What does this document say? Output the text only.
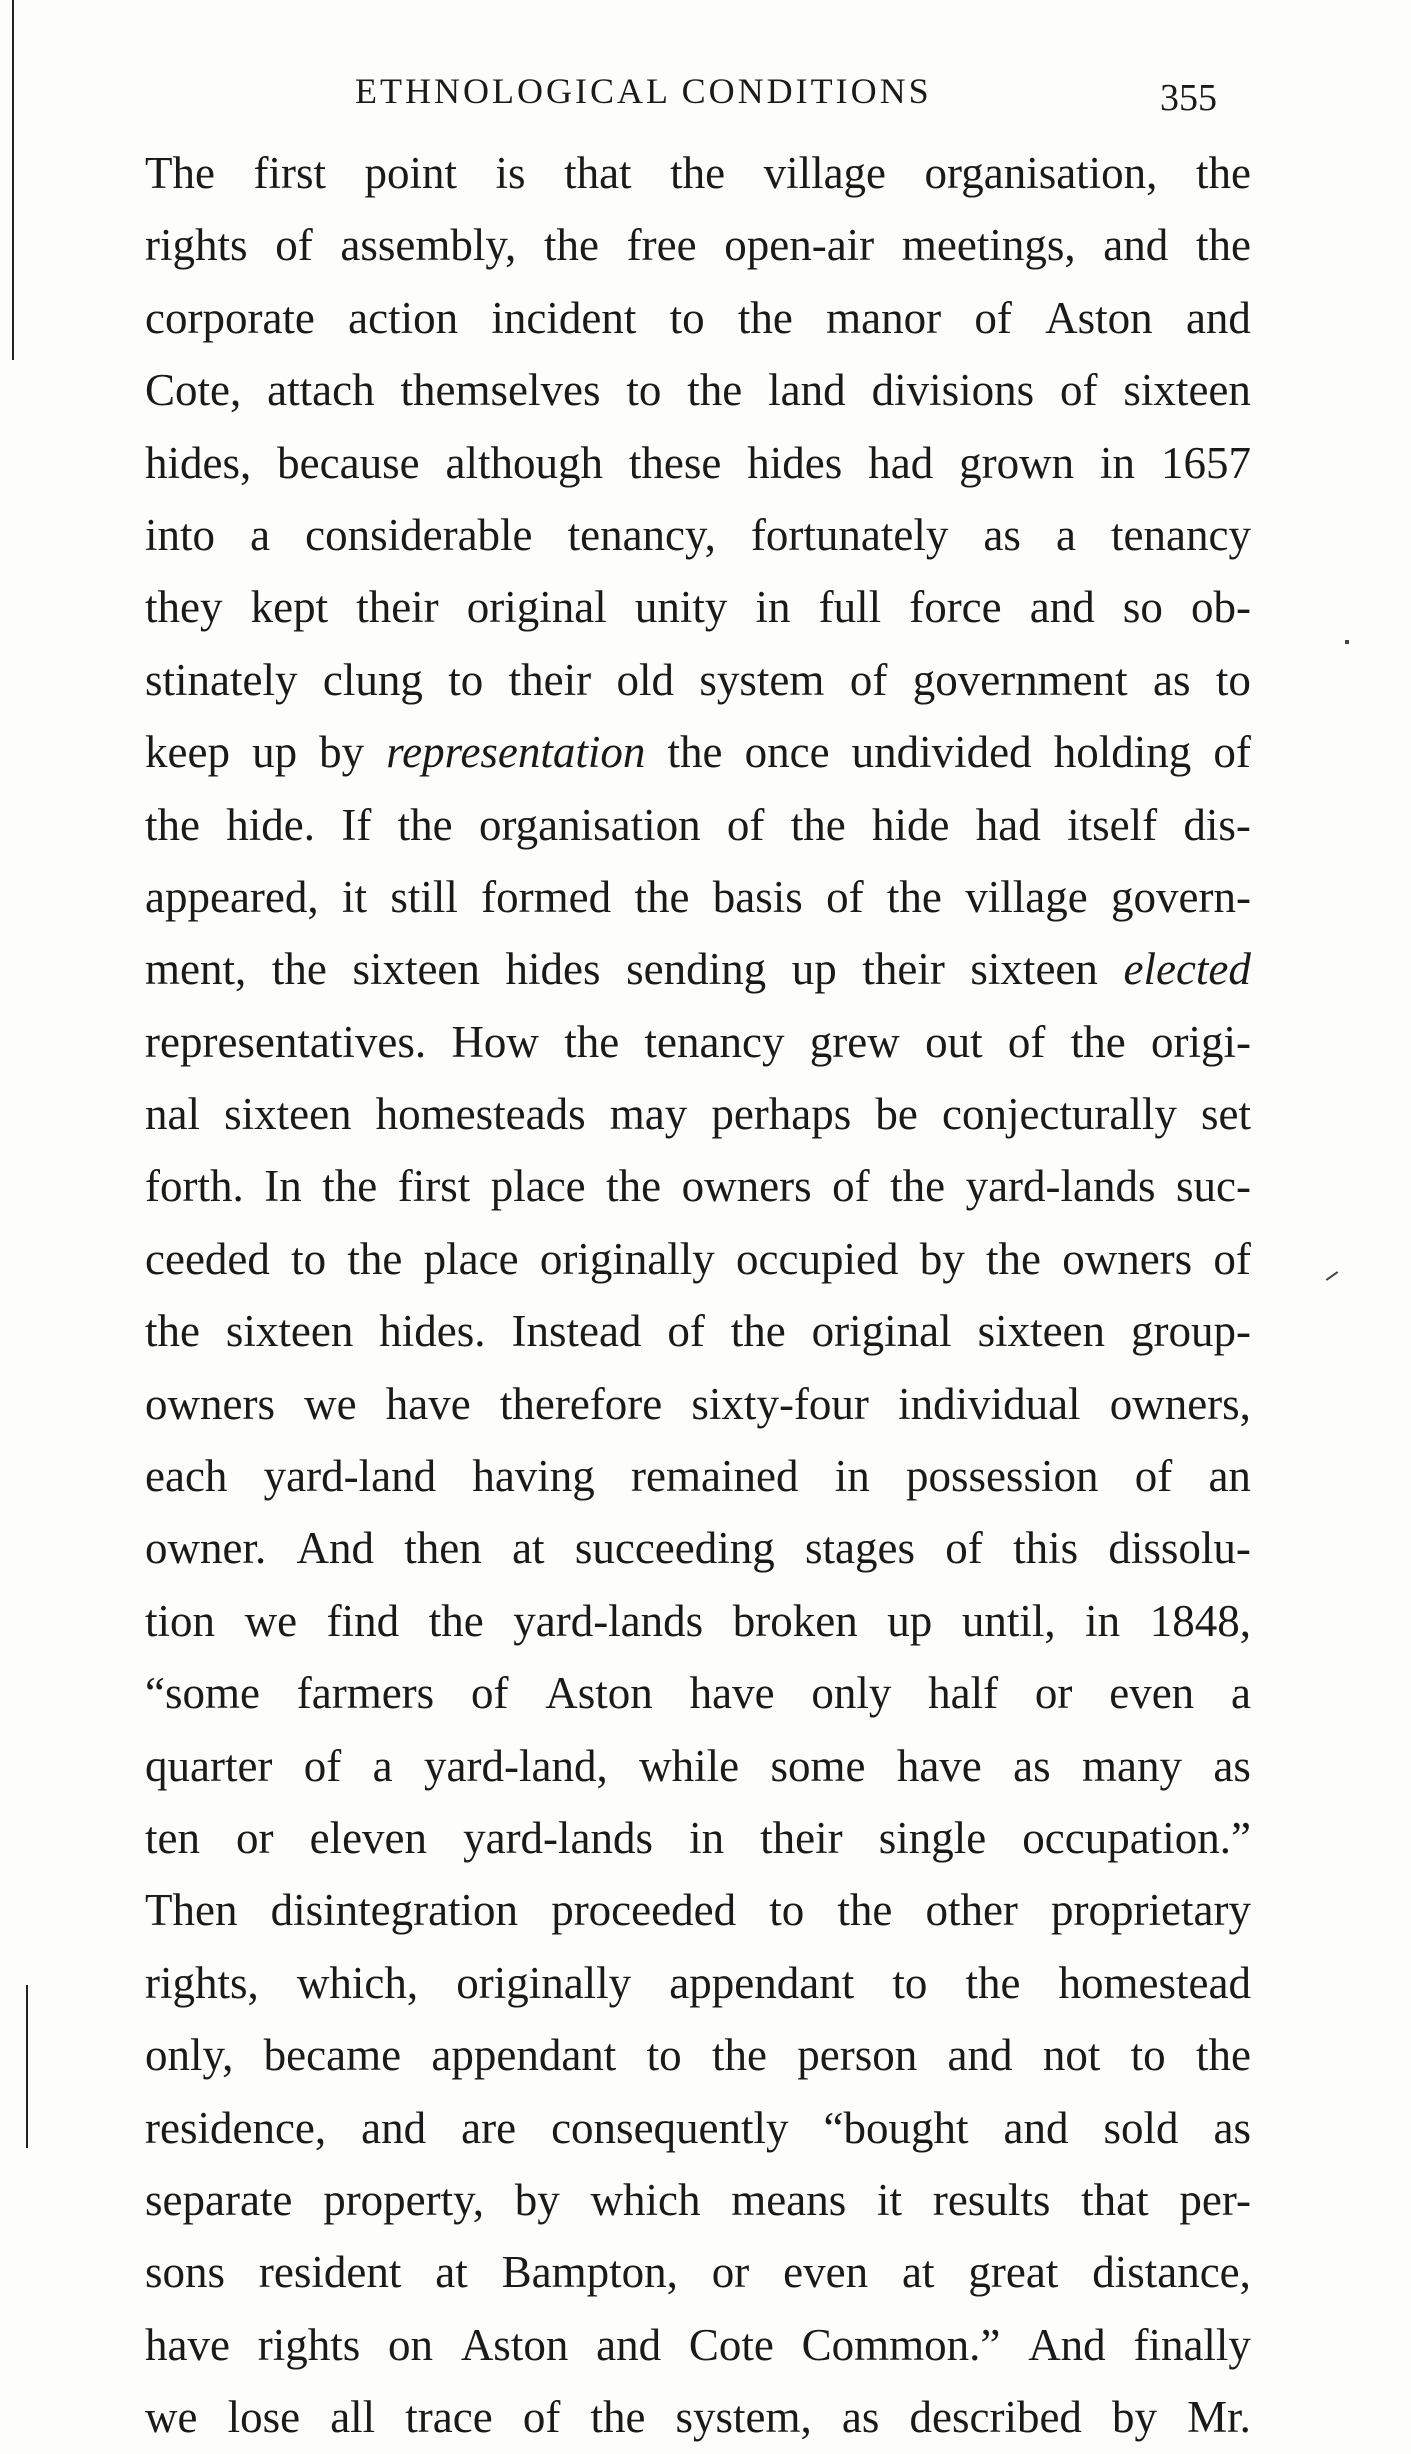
ETHNOLOGICAL CONDITIONS	355
The first point is that the village organisation, the
rights of assembly, the free open-air meetings, and the
corporate action incident to the manor of Aston and
Cote, attach themselves to the land divisions of sixteen
hides, because although these hides had grown in 1657
into a considerable tenancy, fortunately as a tenancy
they kept their original unity in full force and so ob-
stinately clung to their old system of government as to
keep up by representation the once undivided holding of
the hide. If the organisation of the hide had itself dis-
appeared, it still formed the basis of the village govern-
ment, the sixteen hides sending up their sixteen elected
representatives. How the tenancy grew out of the origi-
nal sixteen homesteads may perhaps be conjecturally set
forth. In the first place the owners of the yard-lands suc-
ceeded to the place originally occupied by the owners of
the sixteen hides. Instead of the original sixteen group-
owners we have therefore sixty-four individual owners,
each yard-land having remained in possession of an
owner. And then at succeeding stages of this dissolu-
tion we find the yard-lands broken up until, in 1848,
“some farmers of Aston have only half or even a
quarter of a yard-land, while some have as many as
ten or eleven yard-lands in their single occupation.”
Then disintegration proceeded to the other proprietary
rights, which, originally appendant to the homestead
only, became appendant to the person and not to the
residence, and are consequently “bought and sold as
separate property, by which means it results that per-
sons resident at Bampton, or even at great distance,
have rights on Aston and Cote Common.” And finally
we lose all trace of the system, as described by Mr.
